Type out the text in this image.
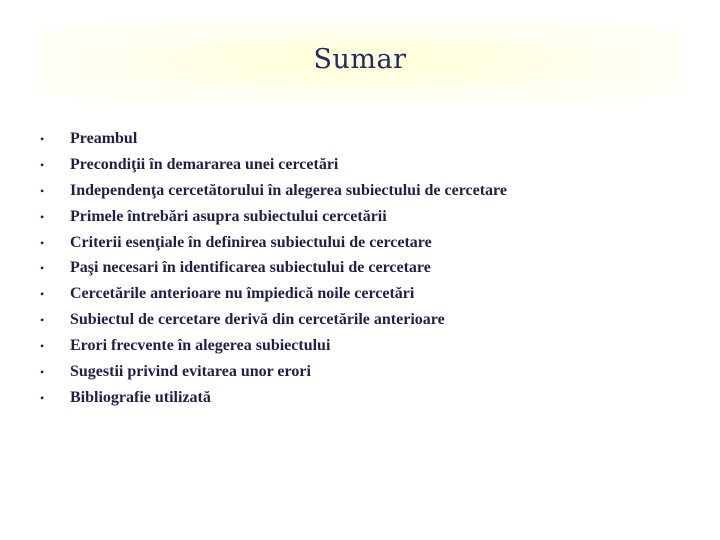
Sumar
•	Preambul
•	Precondiţii în demararea unei cercetări
•	Independenţa cercetătorului în alegerea subiectului de cercetare
•	Primele întrebări asupra subiectului cercetării
•	Criterii esenţiale în definirea subiectului de cercetare
•	Paşi necesari în identificarea subiectului de cercetare
•	Cercetările anterioare nu împiedică noile cercetări
•	Subiectul de cercetare derivă din cercetările anterioare
•	Erori frecvente în alegerea subiectului
•	Sugestii privind evitarea unor erori
•	Bibliografie utilizată
